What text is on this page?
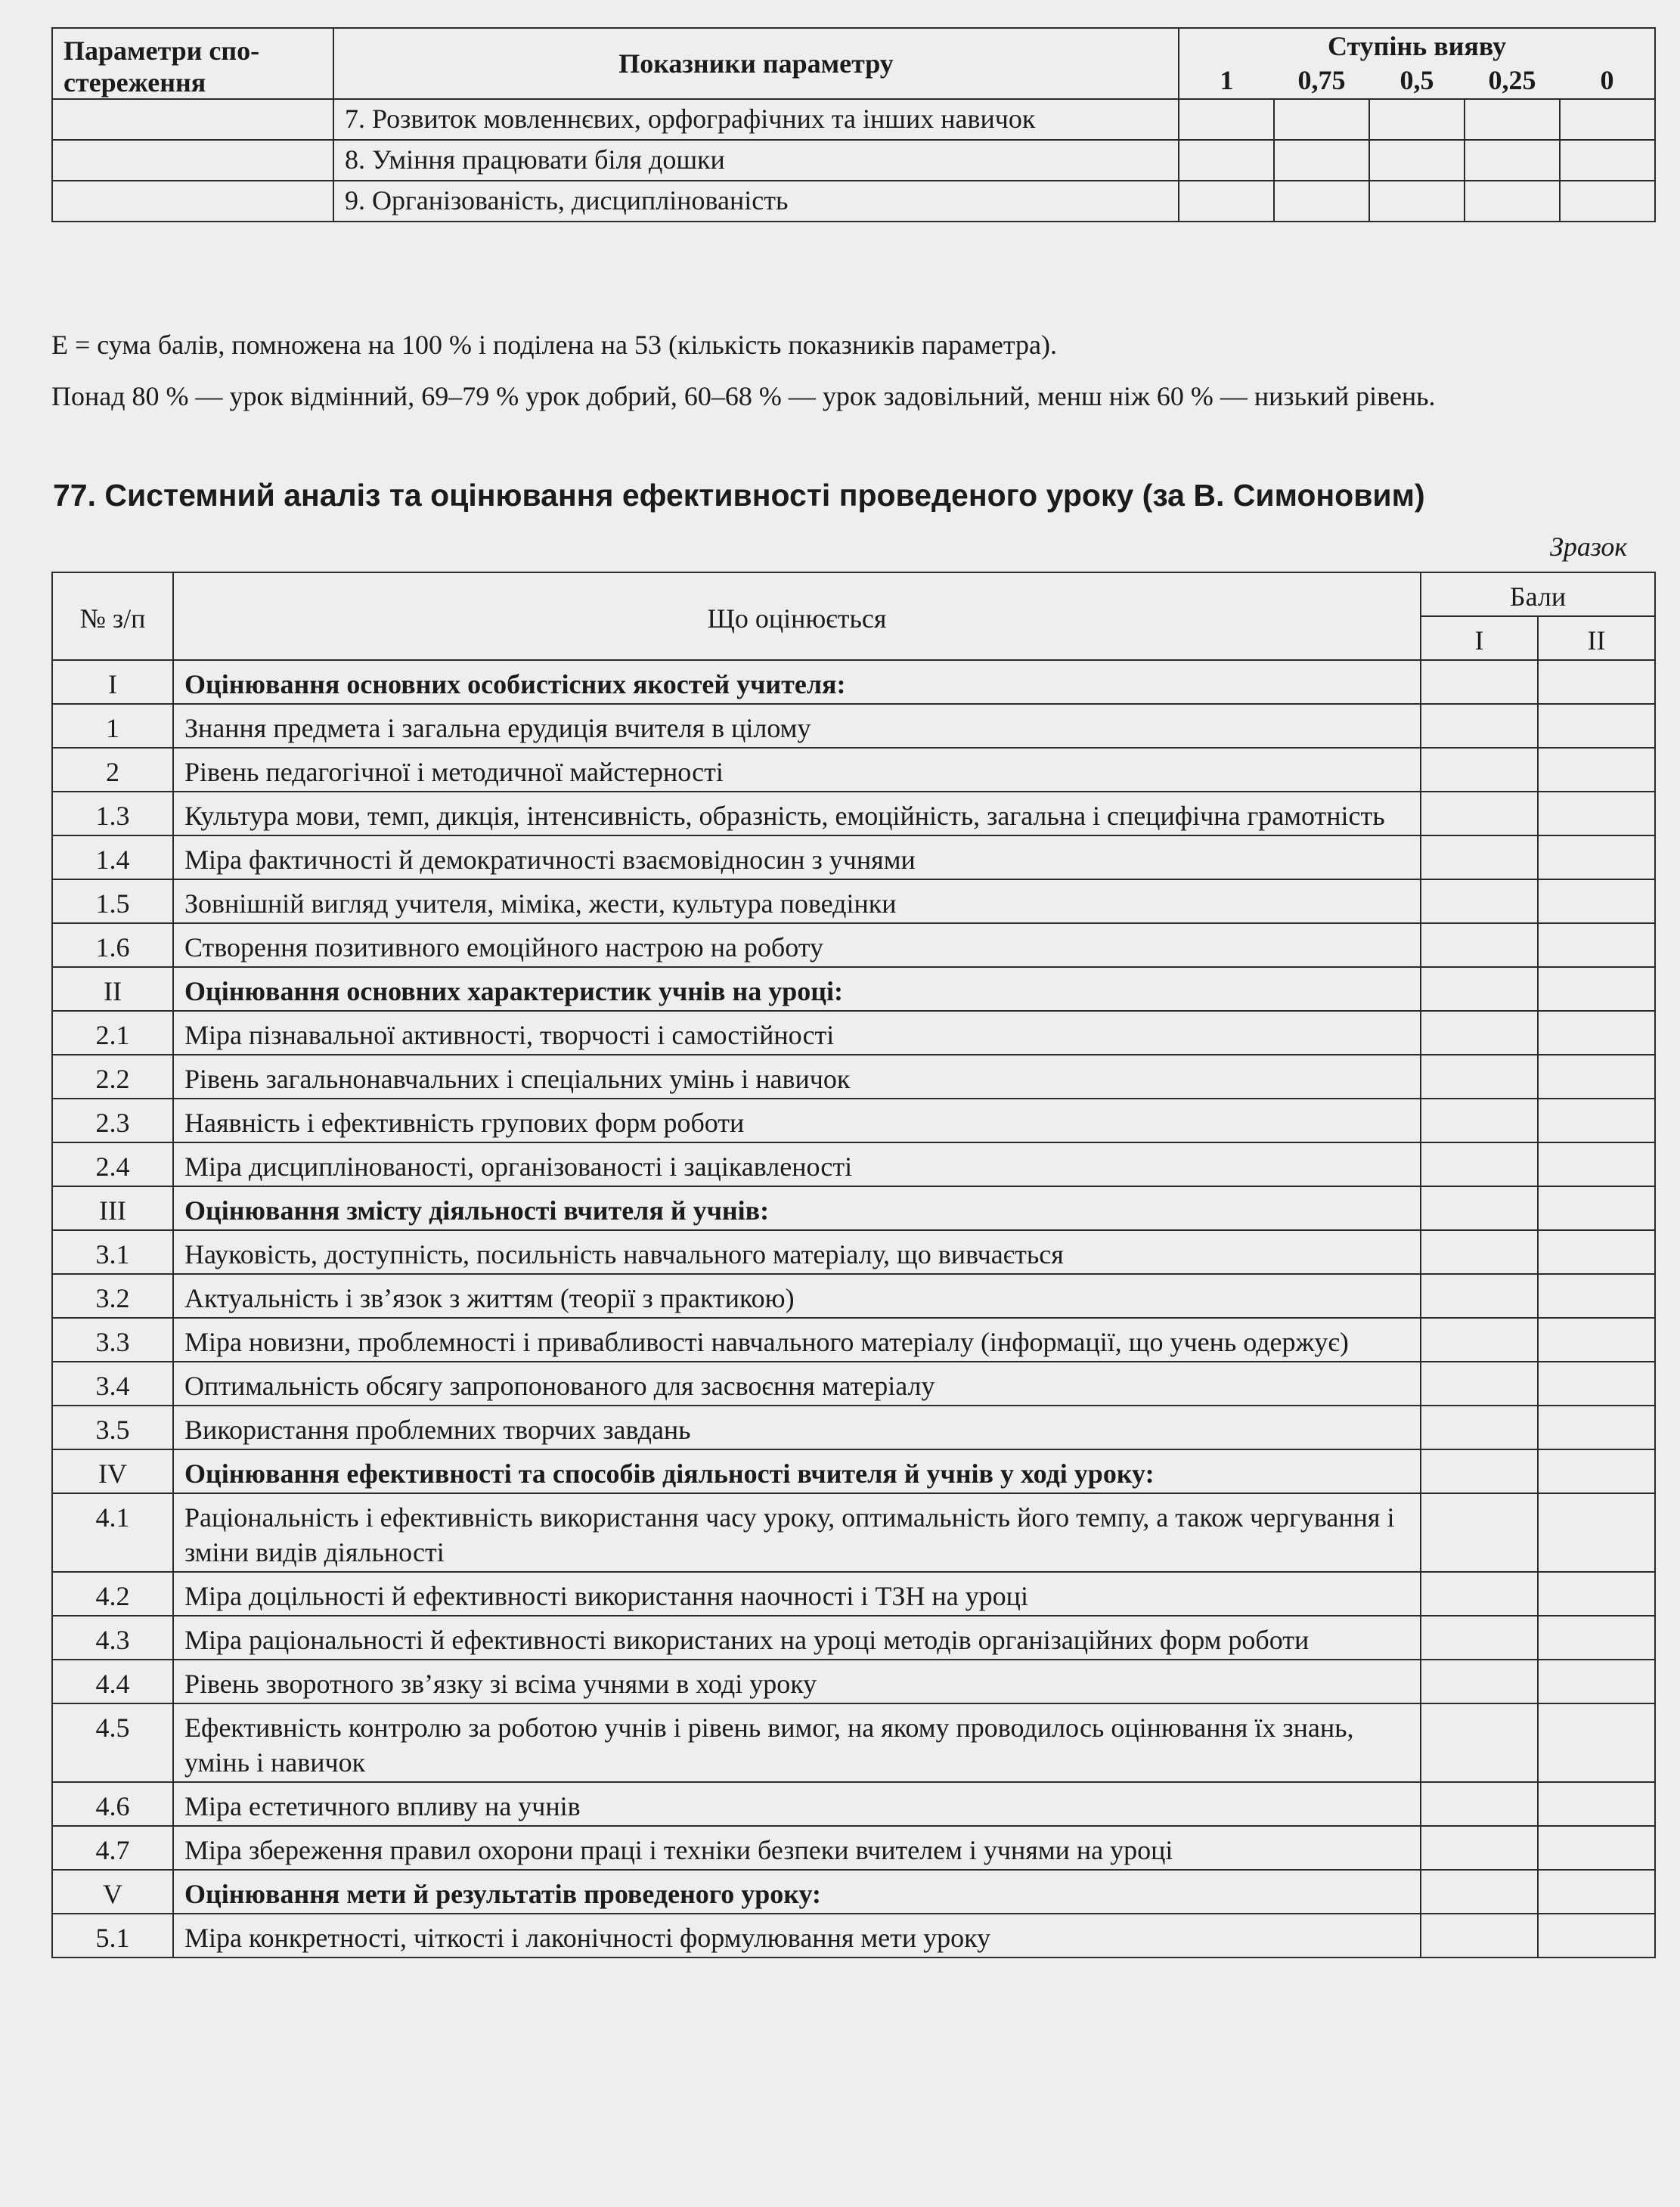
Параметри спо-стереження	Показники параметру	Ступінь вияву				
		1	0,75	0,5	0,25	0
	7. Розвиток мовленнєвих, орфографічних та інших навичок					
	8. Уміння працювати біля дошки					
	9. Організованість, дисциплінованість					

Е = сума балів, помножена на 100 % і поділена на 53 (кількість показників параметра).

Понад 80 % — урок відмінний, 69–79 % урок добрий, 60–68 % — урок задовільний, менш ніж 60 % — низький рівень.

77. Системний аналіз та оцінювання ефективності проведеного уроку (за В. Симоновим)
Зразок
№ з/п	Що оцінюється	Бали	
		I	II
I	Оцінювання основних особистісних якостей учителя:		
1	Знання предмета і загальна ерудиція вчителя в цілому		
2	Рівень педагогічної і методичної майстерності		
1.3	Культура мови, темп, дикція, інтенсивність, образність, емоційність, загальна і специфічна грамотність		
1.4	Міра фактичності й демократичності взаємовідносин з учнями		
1.5	Зовнішній вигляд учителя, міміка, жести, культура поведінки		
1.6	Створення позитивного емоційного настрою на роботу		
II	Оцінювання основних характеристик учнів на уроці:		
2.1	Міра пізнавальної активності, творчості і самостійності		
2.2	Рівень загальнонавчальних і спеціальних умінь і навичок		
2.3	Наявність і ефективність групових форм роботи		
2.4	Міра дисциплінованості, організованості і зацікавленості		
III	Оцінювання змісту діяльності вчителя й учнів:		
3.1	Науковість, доступність, посильність навчального матеріалу, що вивчається		
3.2	Актуальність і зв’язок з життям (теорії з практикою)		
3.3	Міра новизни, проблемності і привабливості навчального матеріалу (інформації, що учень одержує)		
3.4	Оптимальність обсягу запропонованого для засвоєння матеріалу		
3.5	Використання проблемних творчих завдань		
IV	Оцінювання ефективності та способів діяльності вчителя й учнів у ході уроку:		
4.1	Раціональність і ефективність використання часу уроку, оптимальність його темпу, а також чергування і зміни видів діяльності		
4.2	Міра доцільності й ефективності використання наочності і ТЗН на уроці		
4.3	Міра раціональності й ефективності використаних на уроці методів організаційних форм роботи		
4.4	Рівень зворотного зв’язку зі всіма учнями в ході уроку		
4.5	Ефективність контролю за роботою учнів і рівень вимог, на якому проводилось оцінювання їх знань, умінь і навичок		
4.6	Міра естетичного впливу на учнів		
4.7	Міра збереження правил охорони праці і техніки безпеки вчителем і учнями на уроці		
V	Оцінювання мети й результатів проведеного уроку:		
5.1	Міра конкретності, чіткості і лаконічності формулювання мети уроку		
